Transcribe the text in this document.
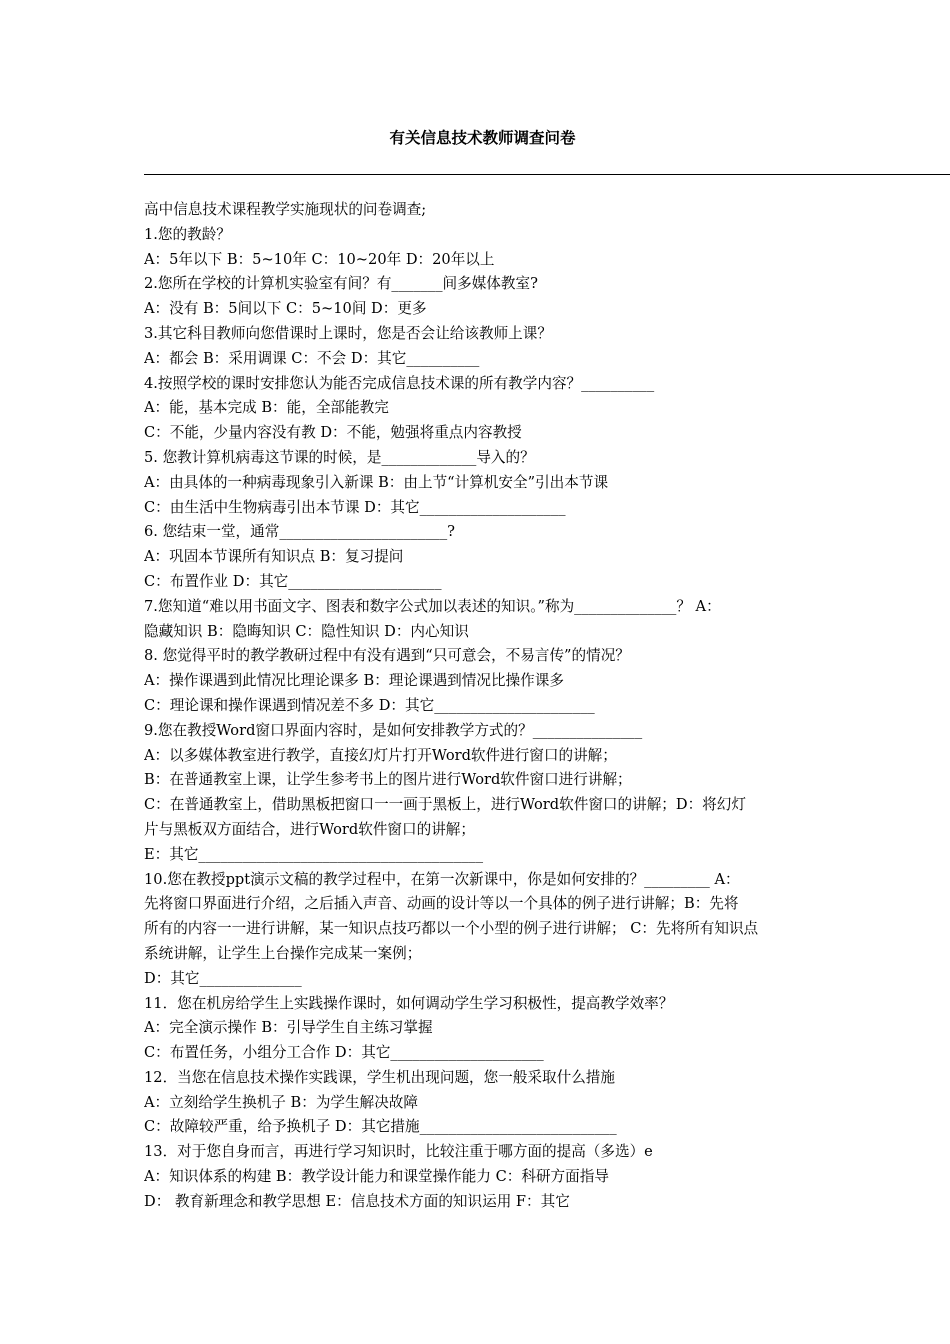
有关信息技术教师调查问卷
高中信息技术课程教学实施现状的问卷调查;
1.您的教龄？
A：5年以下 B：5~10年 C：10~20年 D：20年以上
2.您所在学校的计算机实验室有间？有_______间多媒体教室?
A：没有 B：5间以下 C：5~10间 D：更多
3.其它科目教师向您借课时上课时，您是否会让给该教师上课？
A：都会 B：采用调课 C：不会 D：其它__________
4.按照学校的课时安排您认为能否完成信息技术课的所有教学内容？__________
A：能，基本完成 B：能，全部能教完
C：不能，少量内容没有教 D：不能，勉强将重点内容教授
5. 您教计算机病毒这节课的时候，是_____________导入的？
A：由具体的一种病毒现象引入新课 B：由上节“计算机安全”引出本节课
C：由生活中生物病毒引出本节课 D：其它____________________
6. 您结束一堂，通常_______________________?
A：巩固本节课所有知识点 B：复习提问
C：布置作业 D：其它_____________________
7.您知道“难以用书面文字、图表和数字公式加以表述的知识。”称为______________？ A：
隐藏知识 B：隐晦知识 C：隐性知识 D：内心知识
8. 您觉得平时的教学教研过程中有没有遇到“只可意会，不易言传”的情况？
A：操作课遇到此情况比理论课多 B：理论课遇到情况比操作课多
C：理论课和操作课遇到情况差不多 D：其它______________________
9.您在教授Word窗口界面内容时，是如何安排教学方式的？_______________
A：以多媒体教室进行教学，直接幻灯片打开Word软件进行窗口的讲解；
B：在普通教室上课，让学生参考书上的图片进行Word软件窗口进行讲解；
C：在普通教室上，借助黑板把窗口一一画于黑板上，进行Word软件窗口的讲解；D：将幻灯
片与黑板双方面结合，进行Word软件窗口的讲解；
E：其它_______________________________________
10.您在教授ppt演示文稿的教学过程中，在第一次新课中，你是如何安排的？_________ A：
先将窗口界面进行介绍，之后插入声音、动画的设计等以一个具体的例子进行讲解；B：先将
所有的内容一一进行讲解，某一知识点技巧都以一个小型的例子进行讲解； C：先将所有知识点
系统讲解，让学生上台操作完成某一案例；
D：其它______________
11．您在机房给学生上实践操作课时，如何调动学生学习积极性，提高教学效率？
A：完全演示操作 B：引导学生自主练习掌握
C：布置任务，小组分工合作 D：其它_____________________
12．当您在信息技术操作实践课，学生机出现问题，您一般采取什么措施
A：立刻给学生换机子 B：为学生解决故障
C：故障较严重，给予换机子 D：其它措施___________________________
13．对于您自身而言，再进行学习知识时，比较注重于哪方面的提高（多选）e
A：知识体系的构建 B：教学设计能力和课堂操作能力 C：科研方面指导
D： 教育新理念和教学思想 E：信息技术方面的知识运用 F：其它
